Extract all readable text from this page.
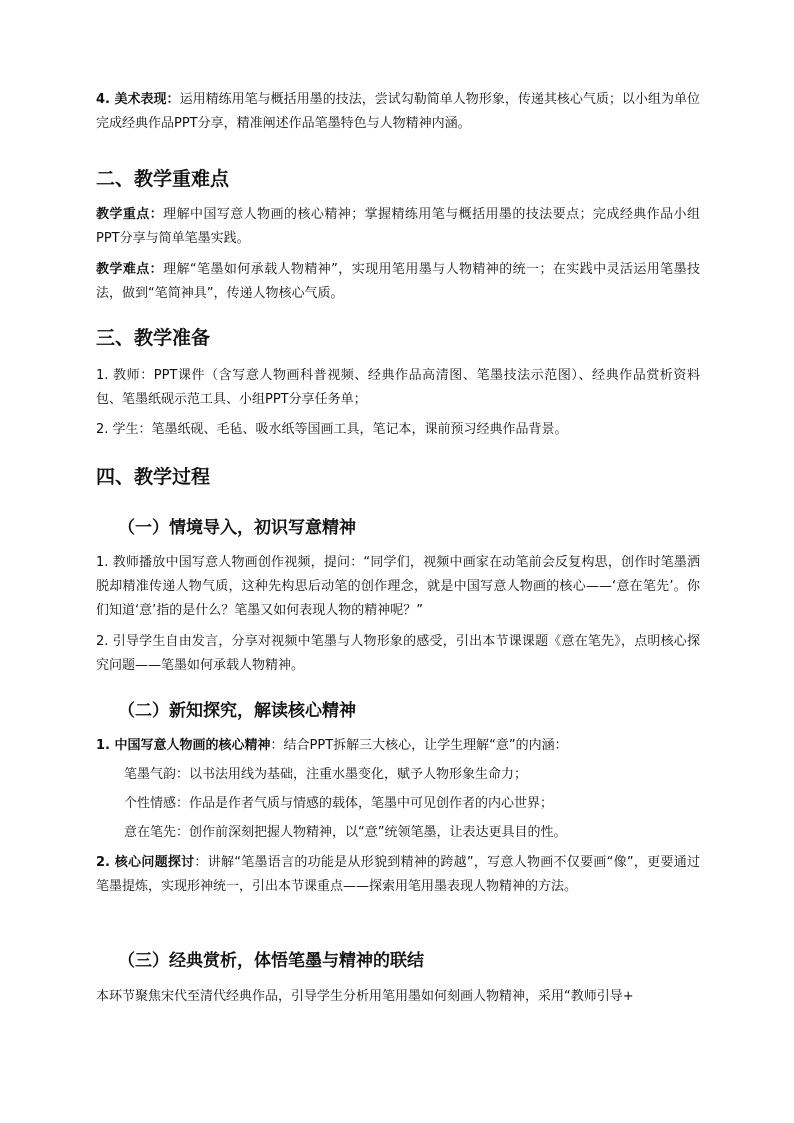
4. 美术表现：运用精练用笔与概括用墨的技法，尝试勾勒简单人物形象，传递其核心气质；以小组为单位完成经典作品PPT分享，精准阐述作品笔墨特色与人物精神内涵。

二、教学重难点

教学重点：理解中国写意人物画的核心精神；掌握精练用笔与概括用墨的技法要点；完成经典作品小组PPT分享与简单笔墨实践。

教学难点：理解“笔墨如何承载人物精神”，实现用笔用墨与人物精神的统一；在实践中灵活运用笔墨技法，做到“笔简神具”，传递人物核心气质。

三、教学准备

1. 教师：PPT课件（含写意人物画科普视频、经典作品高清图、笔墨技法示范图）、经典作品赏析资料包、笔墨纸砚示范工具、小组PPT分享任务单；

2. 学生：笔墨纸砚、毛毡、吸水纸等国画工具，笔记本，课前预习经典作品背景。

四、教学过程
（一）情境导入，初识写意精神

1. 教师播放中国写意人物画创作视频，提问：“同学们，视频中画家在动笔前会反复构思，创作时笔墨洒脱却精准传递人物气质，这种先构思后动笔的创作理念，就是中国写意人物画的核心——‘意在笔先’。你们知道‘意’指的是什么？笔墨又如何表现人物的精神呢？”

2. 引导学生自由发言，分享对视频中笔墨与人物形象的感受，引出本节课课题《意在笔先》，点明核心探究问题——笔墨如何承载人物精神。

（二）新知探究，解读核心精神

1. 中国写意人物画的核心精神：结合PPT拆解三大核心，让学生理解“意”的内涵：

笔墨气韵：以书法用线为基础，注重水墨变化，赋予人物形象生命力；

个性情感：作品是作者气质与情感的载体，笔墨中可见创作者的内心世界；

意在笔先：创作前深刻把握人物精神，以“意”统领笔墨，让表达更具目的性。

2. 核心问题探讨：讲解“笔墨语言的功能是从形貌到精神的跨越”，写意人物画不仅要画“像”，更要通过笔墨提炼，实现形神统一，引出本节课重点——探索用笔用墨表现人物精神的方法。

（三）经典赏析，体悟笔墨与精神的联结

本环节聚焦宋代至清代经典作品，引导学生分析用笔用墨如何刻画人物精神，采用“教师引导+
